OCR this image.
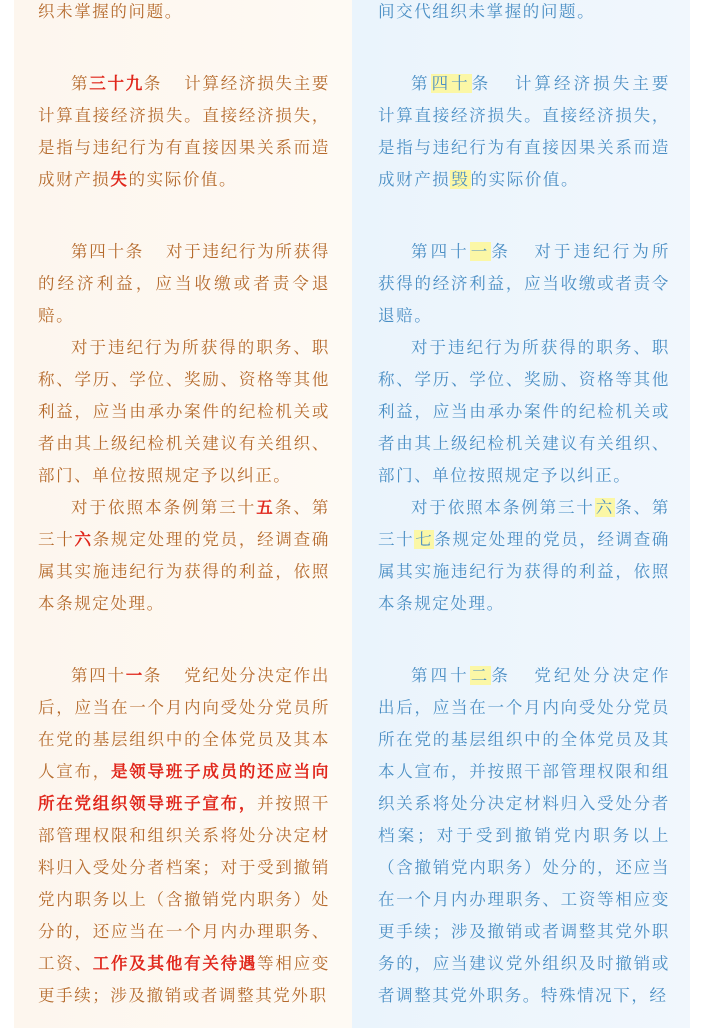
织未掌握的问题。

第三十九条 计算经济损失主要计算直接经济损失。直接经济损失，是指与违纪行为有直接因果关系而造成财产损失的实际价值。

第四十条 对于违纪行为所获得的经济利益，应当收缴或者责令退赔。

对于违纪行为所获得的职务、职称、学历、学位、奖励、资格等其他利益，应当由承办案件的纪检机关或者由其上级纪检机关建议有关组织、部门、单位按照规定予以纠正。

对于依照本条例第三十五条、第三十六条规定处理的党员，经调查确属其实施违纪行为获得的利益，依照本条规定处理。

第四十一条 党纪处分决定作出后，应当在一个月内向受处分党员所在党的基层组织中的全体党员及其本人宣布，是领导班子成员的还应当向所在党组织领导班子宣布，并按照干部管理权限和组织关系将处分决定材料归入受处分者档案；对于受到撤销党内职务以上（含撤销党内职务）处分的，还应当在一个月内办理职务、工资、工作及其他有关待遇等相应变更手续；涉及撤销或者调整其党外职

间交代组织未掌握的问题。

第四十条 计算经济损失主要计算直接经济损失。直接经济损失，是指与违纪行为有直接因果关系而造成财产损毁的实际价值。

第四十一条 对于违纪行为所获得的经济利益，应当收缴或者责令退赔。

对于违纪行为所获得的职务、职称、学历、学位、奖励、资格等其他利益，应当由承办案件的纪检机关或者由其上级纪检机关建议有关组织、部门、单位按照规定予以纠正。

对于依照本条例第三十六条、第三十七条规定处理的党员，经调查确属其实施违纪行为获得的利益，依照本条规定处理。

第四十二条 党纪处分决定作出后，应当在一个月内向受处分党员所在党的基层组织中的全体党员及其本人宣布，并按照干部管理权限和组织关系将处分决定材料归入受处分者档案；对于受到撤销党内职务以上（含撤销党内职务）处分的，还应当在一个月内办理职务、工资等相应变更手续；涉及撤销或者调整其党外职务的，应当建议党外组织及时撤销或者调整其党外职务。特殊情况下，经
